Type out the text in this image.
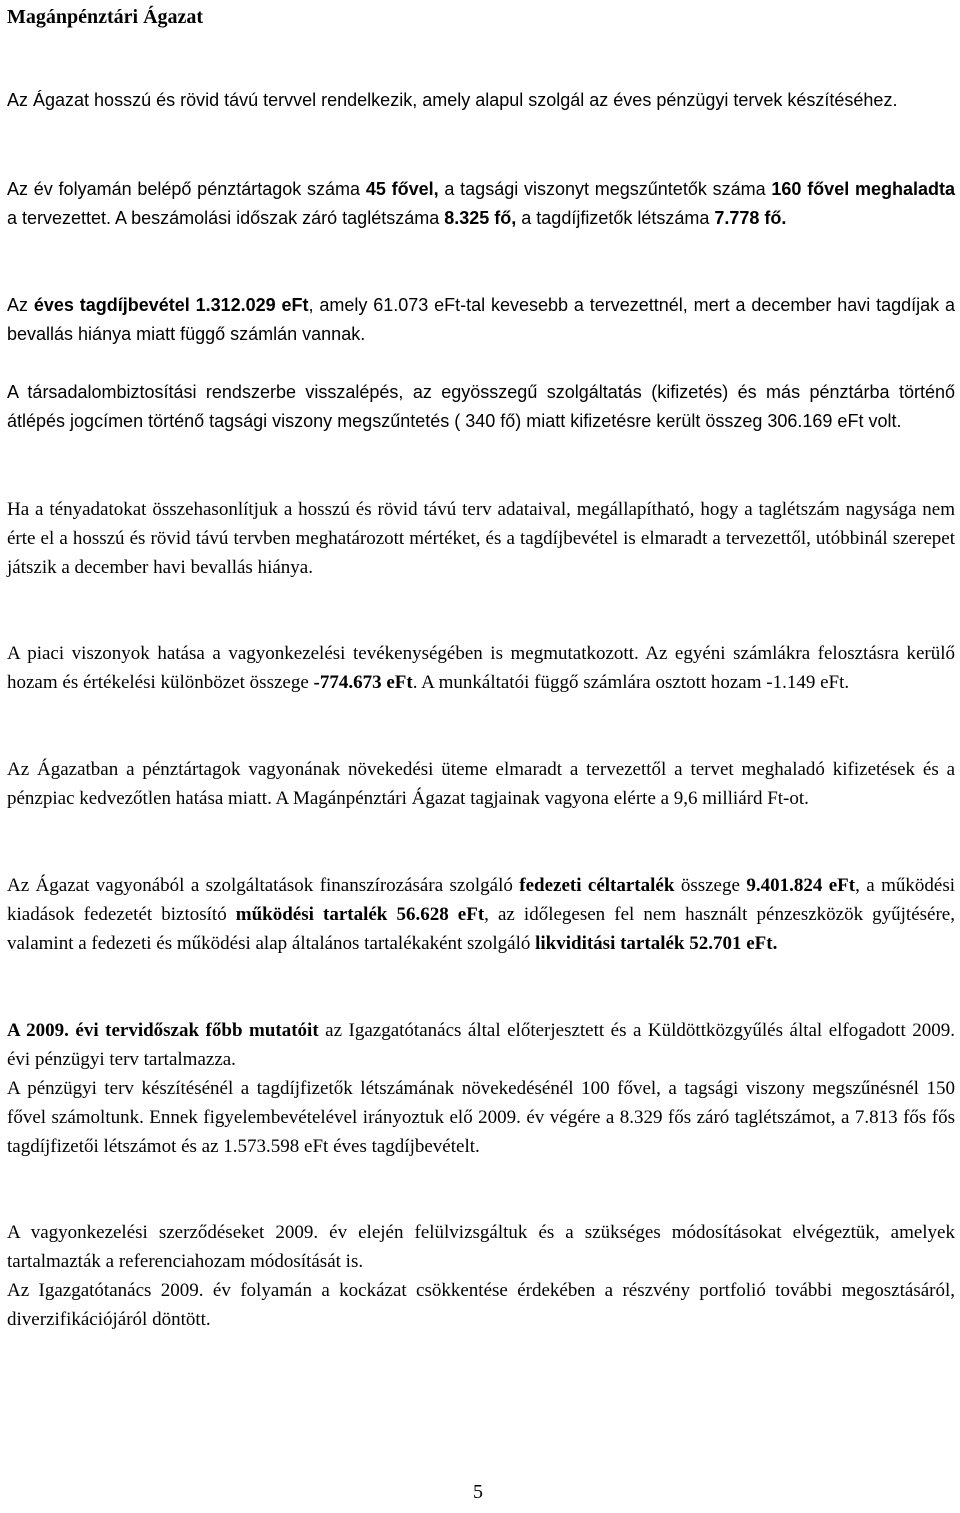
Magánpénztári Ágazat
Az Ágazat hosszú és rövid távú tervvel rendelkezik, amely alapul szolgál az éves pénzügyi tervek készítéséhez.
Az év folyamán belépő pénztártagok száma 45 fővel, a tagsági viszonyt megszűntetők száma 160 fővel meghaladta a tervezettet. A beszámolási időszak záró taglétszáma 8.325 fő, a tagdíjfizetők létszáma 7.778 fő.
Az éves tagdíjbevétel 1.312.029 eFt, amely 61.073 eFt-tal kevesebb a tervezettnél, mert a december havi tagdíjak a bevallás hiánya miatt függő számlán vannak.
A társadalombiztosítási rendszerbe visszalépés, az egyösszegű szolgáltatás (kifizetés) és más pénztárba történő átlépés jogcímen történő tagsági viszony megszűntetés ( 340 fő) miatt kifizetésre került összeg 306.169 eFt volt.
Ha a tényadatokat összehasonlítjuk a hosszú és rövid távú terv adataival, megállapítható, hogy a taglétszám nagysága nem érte el a hosszú és rövid távú tervben meghatározott mértéket, és a tagdíjbevétel is elmaradt a tervezettől, utóbbinál szerepet játszik a december havi bevallás hiánya.
A piaci viszonyok hatása a vagyonkezelési tevékenységében is megmutatkozott. Az egyéni számlákra felosztásra kerülő hozam és értékelési különbözet összege -774.673 eFt. A munkáltatói függő számlára osztott hozam -1.149 eFt.
Az Ágazatban a pénztártagok vagyonának növekedési üteme elmaradt a tervezettől a tervet meghaladó kifizetések és a pénzpiac kedvezőtlen hatása miatt. A Magánpénztári Ágazat tagjainak vagyona elérte a 9,6 milliárd Ft-ot.
Az Ágazat vagyonából a szolgáltatások finanszírozására szolgáló fedezeti céltartalék összege 9.401.824 eFt, a működési kiadások fedezetét biztosító működési tartalék 56.628 eFt, az időlegesen fel nem használt pénzeszközök gyűjtésére, valamint a fedezeti és működési alap általános tartalékaként szolgáló likviditási tartalék 52.701 eFt.
A 2009. évi tervidőszak főbb mutatóit az Igazgatótanács által előterjesztett és a Küldöttközgyűlés által elfogadott 2009. évi pénzügyi terv tartalmazza.
A pénzügyi terv készítésénél a tagdíjfizetők létszámának növekedésénél 100 fővel, a tagsági viszony megszűnésnél 150 fővel számoltunk. Ennek figyelembevételével irányoztuk elő 2009. év végére a 8.329 fős záró taglétszámot, a 7.813 fős fős tagdíjfizetői létszámot és az 1.573.598 eFt éves tagdíjbevételt.
A vagyonkezelési szerződéseket 2009. év elején felülvizsgáltuk és a szükséges módosításokat elvégeztük, amelyek tartalmazták a referenciahozam módosítását is.
Az Igazgatótanács 2009. év folyamán a kockázat csökkentése érdekében a részvény portfolió további megosztásáról, diverzifikációjáról döntött.
5
